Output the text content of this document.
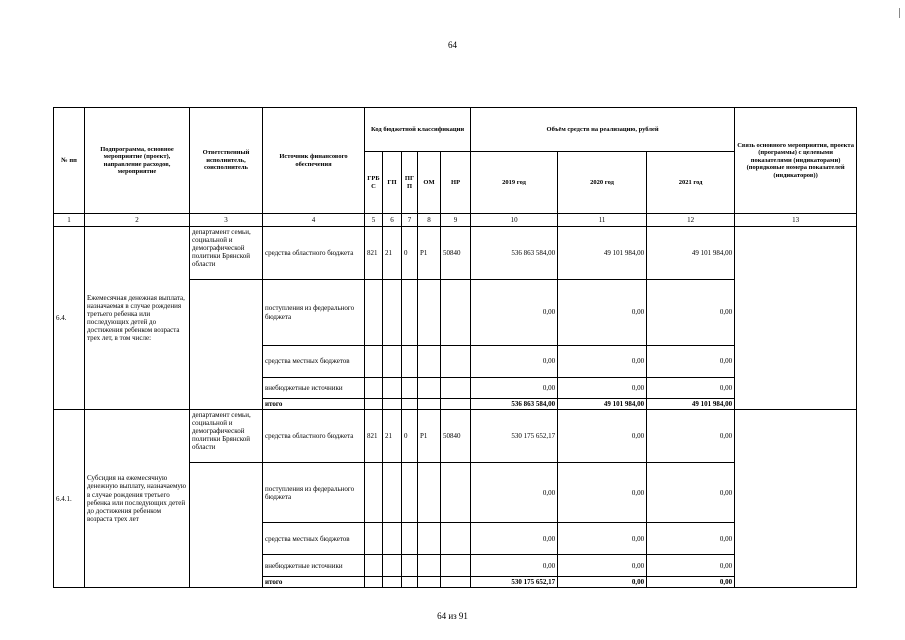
64
№ пп	Подпрограмма, основное мероприятие (проект), направление расходов, мероприятие	Ответственный исполнитель, соисполнитель	Источник финансового обеспечения	Код бюджетной классификации					Объём средств на реализацию, рублей			Связь основного мероприятия, проекта (программы) с целевыми показателями (индикаторами) (порядковые номера показателей (индикаторов))
				ГРБ С	ГП	ПГ П	ОМ	НР	2019 год	2020 год	2021 год	
1	2	3	4	5	6	7	8	9	10	11	12	13
6.4.	Ежемесячная денежная выплата, назначаемая в случае рождения третьего ребенка или последующих детей до достижения ребенком возраста трех лет, в том числе:	департамент семьи, социальной и демографической политики Брянской области	средства областного бюджета	821	21	0	P1	50840	536 863 584,00	49 101 984,00	49 101 984,00	
			поступления из федерального бюджета						0,00	0,00	0,00	
			средства местных бюджетов						0,00	0,00	0,00	
			внебюджетные источники						0,00	0,00	0,00	
			итого						536 863 584,00	49 101 984,00	49 101 984,00	
6.4.1.	Субсидия на ежемесячную денежную выплату, назначаемую в случае рождения третьего ребенка или последующих детей до достижения ребенком возраста трех лет	департамент семьи, социальной и демографической политики Брянской области	средства областного бюджета	821	21	0	P1	50840	530 175 652,17	0,00	0,00	
			поступления из федерального бюджета						0,00	0,00	0,00	
			средства местных бюджетов						0,00	0,00	0,00	
			внебюджетные источники						0,00	0,00	0,00	
			итого						530 175 652,17	0,00	0,00	
64 из 91
